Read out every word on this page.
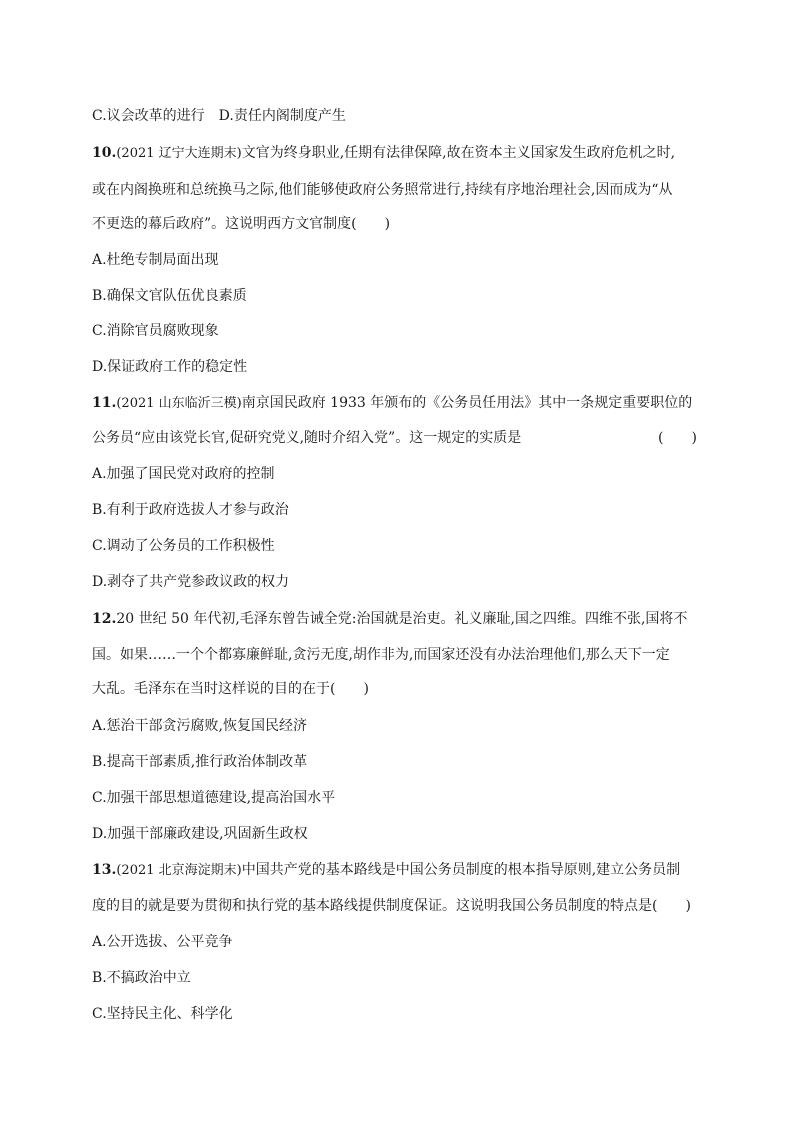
C.议会改革的进行　D.责任内阁制度产生
10.(2021 辽宁大连期末)文官为终身职业,任期有法律保障,故在资本主义国家发生政府危机之时,
或在内阁换班和总统换马之际,他们能够使政府公务照常进行,持续有序地治理社会,因而成为“从
不更迭的幕后政府”。这说明西方文官制度(　　)
A.杜绝专制局面出现
B.确保文官队伍优良素质
C.消除官员腐败现象
D.保证政府工作的稳定性
11.(2021 山东临沂三模)南京国民政府 1933 年颁布的《公务员任用法》其中一条规定重要职位的
公务员“应由该党长官,促研究党义,随时介绍入党”。这一规定的实质是	(　　)
A.加强了国民党对政府的控制
B.有利于政府选拔人才参与政治
C.调动了公务员的工作积极性
D.剥夺了共产党参政议政的权力
12.20 世纪 50 年代初,毛泽东曾告诫全党:治国就是治吏。礼义廉耻,国之四维。四维不张,国将不
国。如果……一个个都寡廉鲜耻,贪污无度,胡作非为,而国家还没有办法治理他们,那么天下一定
大乱。毛泽东在当时这样说的目的在于(　　)
A.惩治干部贪污腐败,恢复国民经济
B.提高干部素质,推行政治体制改革
C.加强干部思想道德建设,提高治国水平
D.加强干部廉政建设,巩固新生政权
13.(2021 北京海淀期末)中国共产党的基本路线是中国公务员制度的根本指导原则,建立公务员制
度的目的就是要为贯彻和执行党的基本路线提供制度保证。这说明我国公务员制度的特点是(　　)
A.公开选拔、公平竞争
B.不搞政治中立
C.坚持民主化、科学化
